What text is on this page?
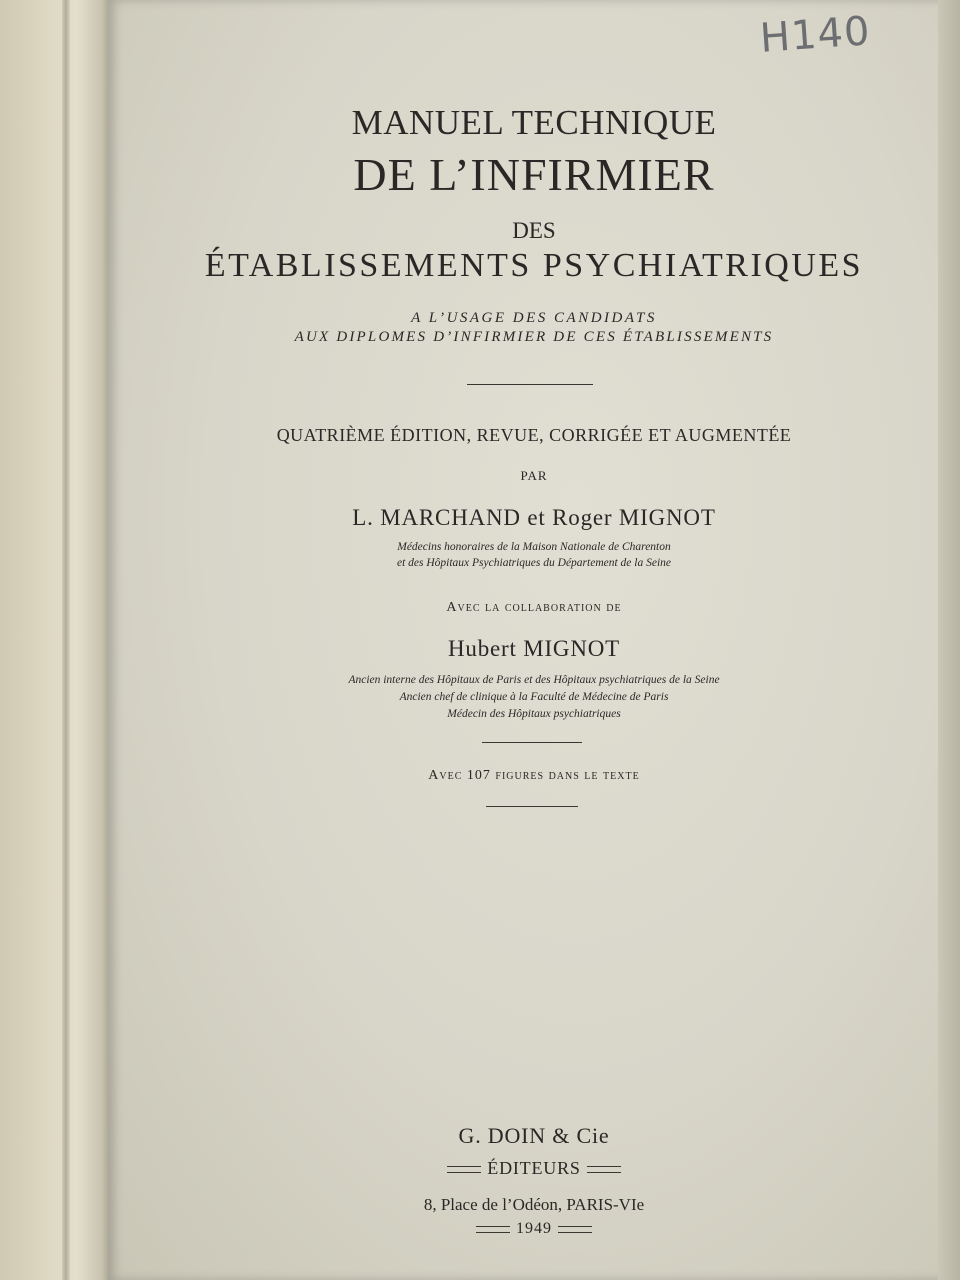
H140
MANUEL TECHNIQUE
DE L’INFIRMIER
DES
ÉTABLISSEMENTS PSYCHIATRIQUES
A L’USAGE DES CANDIDATS
AUX DIPLOMES D’INFIRMIER DE CES ÉTABLISSEMENTS
QUATRIÈME ÉDITION, REVUE, CORRIGÉE ET AUGMENTÉE
PAR
L. MARCHAND et Roger MIGNOT
Médecins honoraires de la Maison Nationale de Charenton
et des Hôpitaux Psychiatriques du Département de la Seine
Avec la collaboration de
Hubert MIGNOT
Ancien interne des Hôpitaux de Paris et des Hôpitaux psychiatriques de la Seine
Ancien chef de clinique à la Faculté de Médecine de Paris
Médecin des Hôpitaux psychiatriques
Avec 107 figures dans le texte
G. DOIN & Cie
ÉDITEURS
8, Place de l’Odéon, PARIS-VIe
1949
